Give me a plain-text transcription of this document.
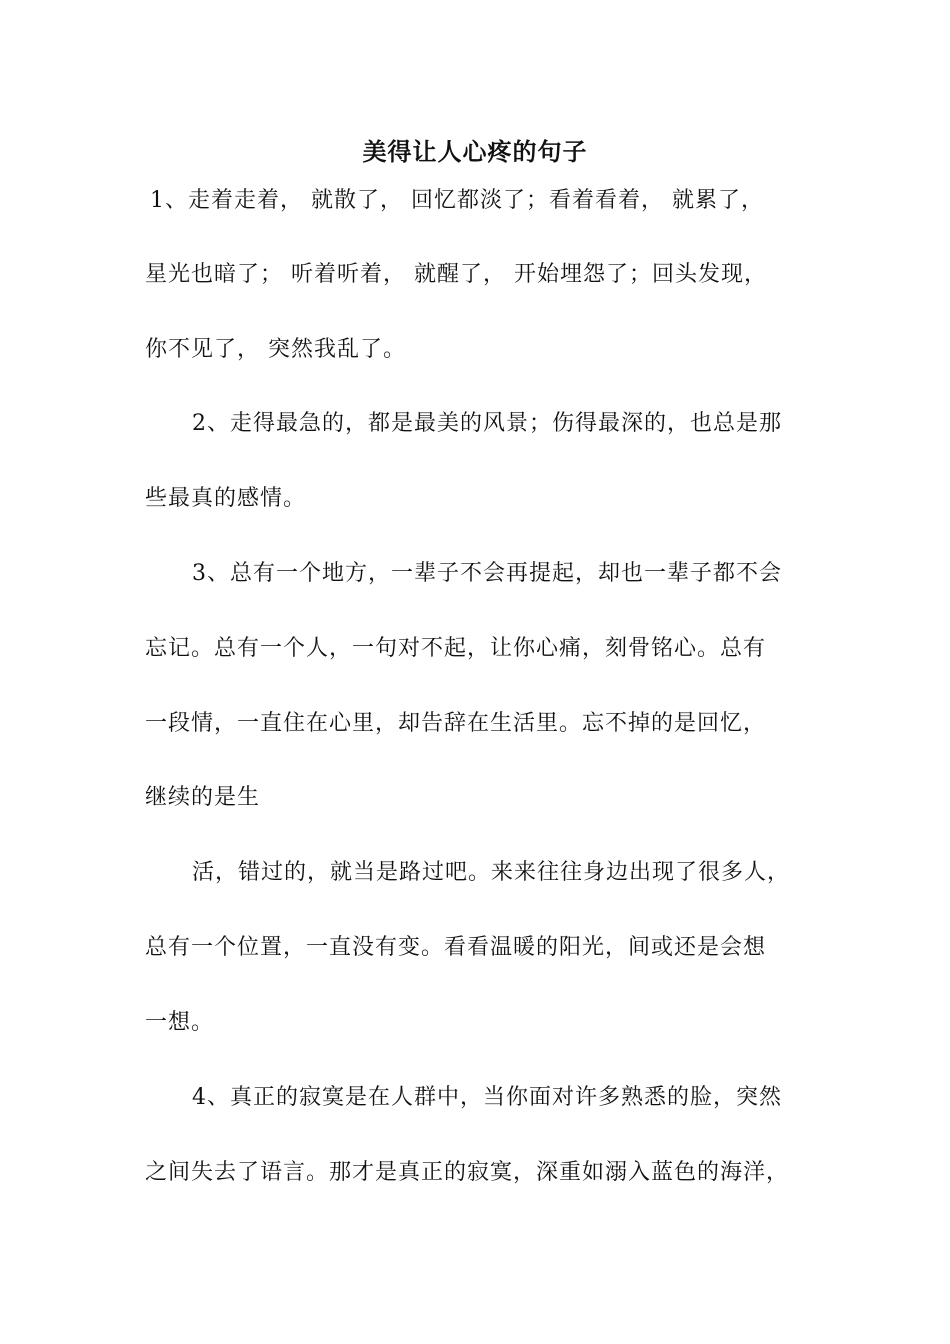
美得让人心疼的句子
1、走着走着， 就散了， 回忆都淡了；看着看着， 就累了，
星光也暗了； 听着听着， 就醒了， 开始埋怨了；回头发现，
你不见了， 突然我乱了。
2、走得最急的，都是最美的风景；伤得最深的，也总是那
些最真的感情。
3、总有一个地方，一辈子不会再提起，却也一辈子都不会
忘记。总有一个人，一句对不起，让你心痛，刻骨铭心。总有
一段情，一直住在心里，却告辞在生活里。忘不掉的是回忆，
继续的是生
活，错过的，就当是路过吧。来来往往身边出现了很多人，
总有一个位置，一直没有变。看看温暖的阳光，间或还是会想
一想。
4、真正的寂寞是在人群中，当你面对许多熟悉的脸，突然
之间失去了语言。那才是真正的寂寞，深重如溺入蓝色的海洋，
